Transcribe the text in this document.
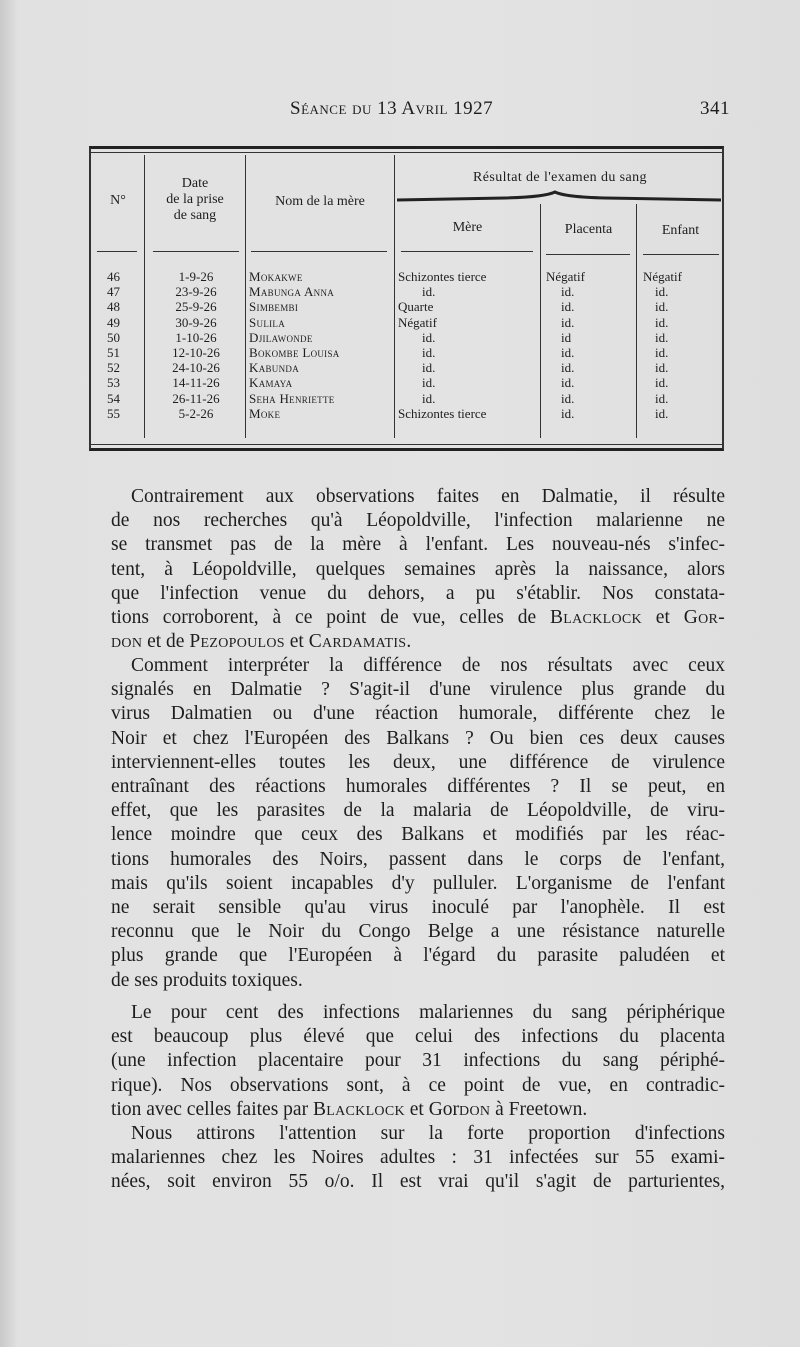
Séance du 13 Avril 1927	341
N°
Date
de la prise
de sang
Nom de la mère
Résultat de l'examen du sang
Mère	Placenta	Enfant
46	1-9-26	Mokakwe	Schizontes tierce	Négatif	Négatif
47	23-9-26	Mabunga Anna	id.	id.	id.
48	25-9-26	Simbembi	Quarte	id.	id.
49	30-9-26	Sulila	Négatif	id.	id.
50	1-10-26	Djilawonde	id.	id	id.
51	12-10-26	Bokombe Louisa	id.	id.	id.
52	24-10-26	Kabunda	id.	id.	id.
53	14-11-26	Kamaya	id.	id.	id.
54	26-11-26	Seha Henriette	id.	id.	id.
55	5-2-26	Moke	Schizontes tierce	id.	id.
Contrairement aux observations faites en Dalmatie, il résulte
de nos recherches qu'à Léopoldville, l'infection malarienne ne
se transmet pas de la mère à l'enfant. Les nouveau-nés s'infec-
tent, à Léopoldville, quelques semaines après la naissance, alors
que l'infection venue du dehors, a pu s'établir. Nos constata-
tions corroborent, à ce point de vue, celles de Blacklock et Gor-
don et de Pezopoulos et Cardamatis.
Comment interpréter la différence de nos résultats avec ceux
signalés en Dalmatie ? S'agit-il d'une virulence plus grande du
virus Dalmatien ou d'une réaction humorale, différente chez le
Noir et chez l'Européen des Balkans ? Ou bien ces deux causes
interviennent-elles toutes les deux, une différence de virulence
entraînant des réactions humorales différentes ? Il se peut, en
effet, que les parasites de la malaria de Léopoldville, de viru-
lence moindre que ceux des Balkans et modifiés par les réac-
tions humorales des Noirs, passent dans le corps de l'enfant,
mais qu'ils soient incapables d'y pulluler. L'organisme de l'enfant
ne serait sensible qu'au virus inoculé par l'anophèle. Il est
reconnu que le Noir du Congo Belge a une résistance naturelle
plus grande que l'Européen à l'égard du parasite paludéen et
de ses produits toxiques.
Le pour cent des infections malariennes du sang périphérique
est beaucoup plus élevé que celui des infections du placenta
(une infection placentaire pour 31 infections du sang périphé-
rique). Nos observations sont, à ce point de vue, en contradic-
tion avec celles faites par Blacklock et Gordon à Freetown.
Nous attirons l'attention sur la forte proportion d'infections
malariennes chez les Noires adultes : 31 infectées sur 55 exami-
nées, soit environ 55 o/o. Il est vrai qu'il s'agit de parturientes,
